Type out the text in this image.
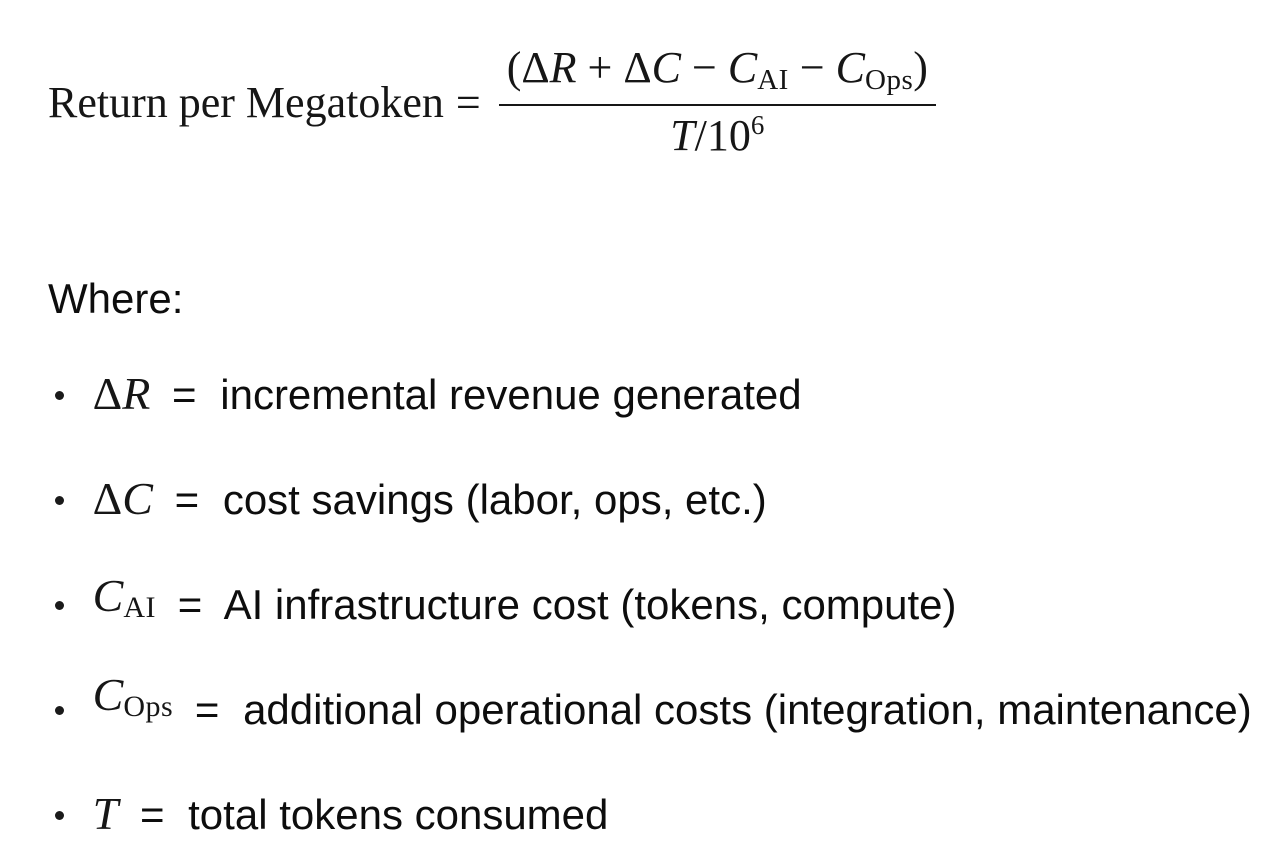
Return per Megatoken = $\frac{\text{(ΔR + ΔC − CAI − COps)}}{T/10^6}$
Where:
ΔR = incremental revenue generated
ΔC = cost savings (labor, ops, etc.)
CAI = AI infrastructure cost (tokens, compute)
COps = additional operational costs (integration, maintenance)
T = total tokens consumed
